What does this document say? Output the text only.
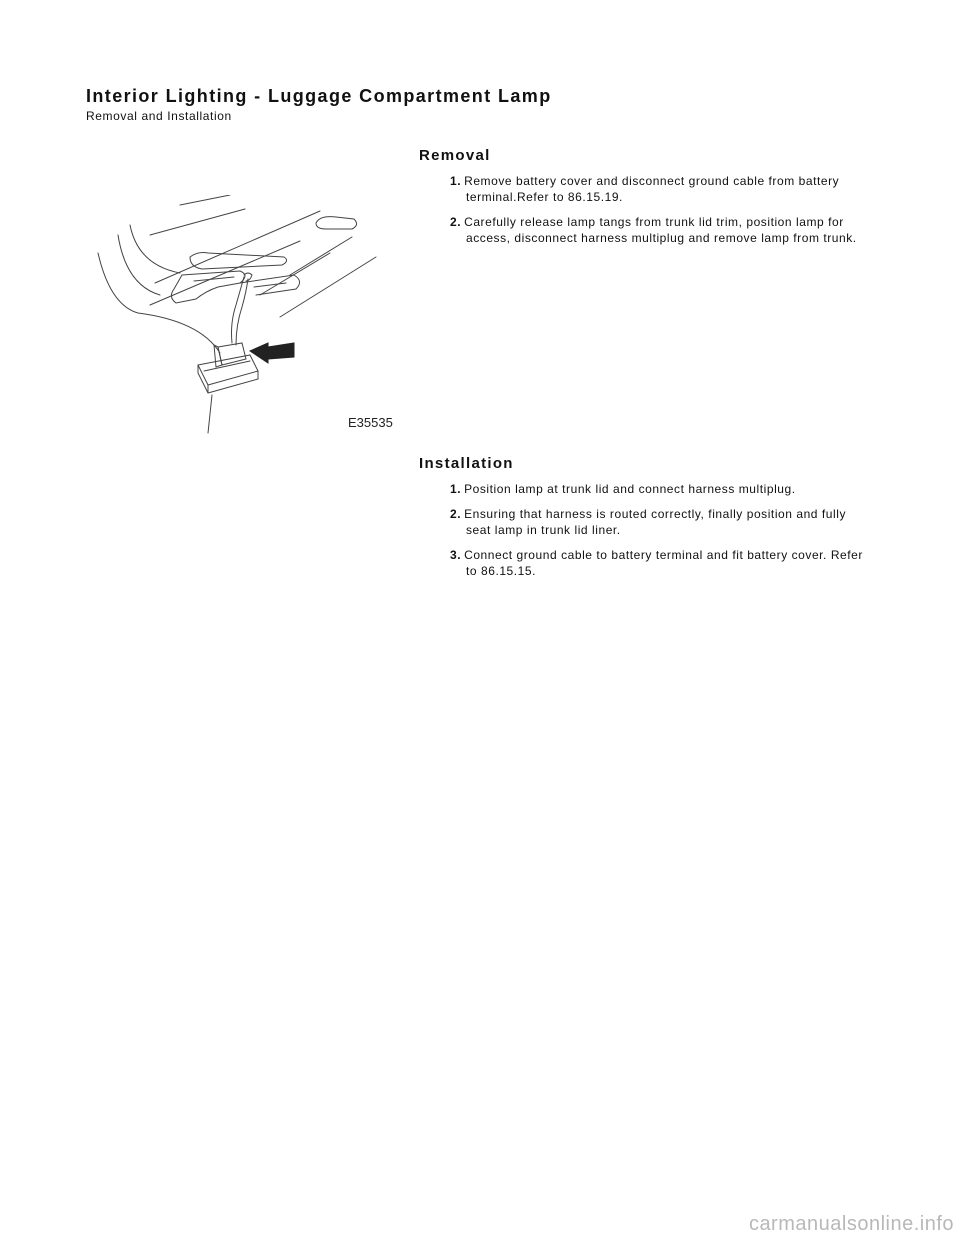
Interior Lighting - Luggage Compartment Lamp
Removal and Installation
E35535
Removal
1. Remove battery cover and disconnect ground cable from battery terminal.Refer to 86.15.19.
2. Carefully release lamp tangs from trunk lid trim, position lamp for access, disconnect harness multiplug and remove lamp from trunk.
Installation
1. Position lamp at trunk lid and connect harness multiplug.
2. Ensuring that harness is routed correctly, finally position and fully seat lamp in trunk lid liner.
3. Connect ground cable to battery terminal and fit battery cover. Refer to 86.15.15.
carmanualsonline.info
